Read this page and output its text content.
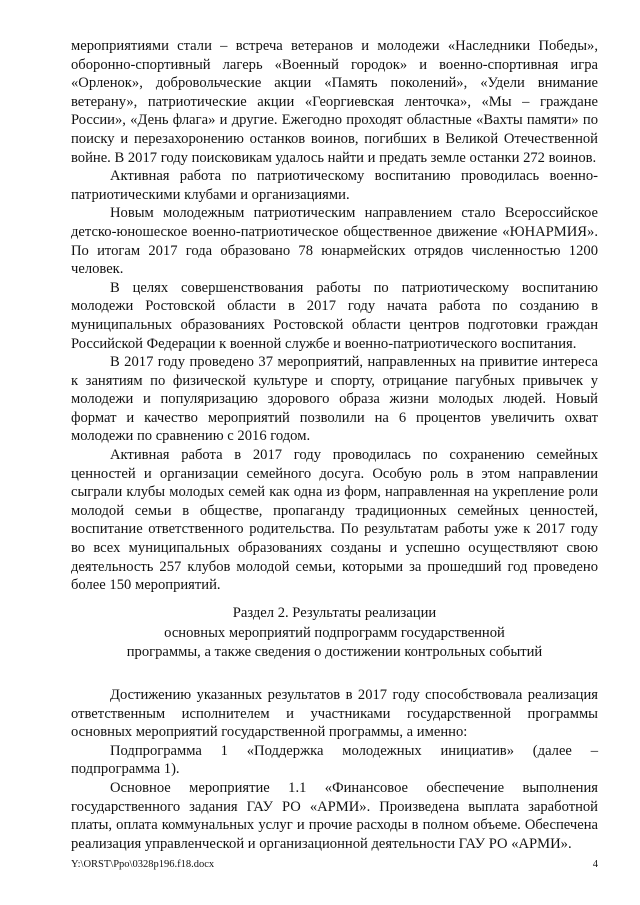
мероприятиями стали – встреча ветеранов и молодежи «Наследники Победы», оборонно-спортивный лагерь «Военный городок» и военно-спортивная игра «Орленок», добровольческие акции «Память поколений», «Удели внимание ветерану», патриотические акции «Георгиевская ленточка», «Мы – граждане России», «День флага» и другие. Ежегодно проходят областные «Вахты памяти» по поиску и перезахоронению останков воинов, погибших в Великой Отечественной войне. В 2017 году поисковикам удалось найти и предать земле останки 272 воинов.

Активная работа по патриотическому воспитанию проводилась военно-патриотическими клубами и организациями.

Новым молодежным патриотическим направлением стало Всероссийское детско-юношеское военно-патриотическое общественное движение «ЮНАРМИЯ». По итогам 2017 года образовано 78 юнармейских отрядов численностью 1200 человек.

В целях совершенствования работы по патриотическому воспитанию молодежи Ростовской области в 2017 году начата работа по созданию в муниципальных образованиях Ростовской области центров подготовки граждан Российской Федерации к военной службе и военно-патриотического воспитания.

В 2017 году проведено 37 мероприятий, направленных на привитие интереса к занятиям по физической культуре и спорту, отрицание пагубных привычек у молодежи и популяризацию здорового образа жизни молодых людей. Новый формат и качество мероприятий позволили на 6 процентов увеличить охват молодежи по сравнению с 2016 годом.

Активная работа в 2017 году проводилась по сохранению семейных ценностей и организации семейного досуга. Особую роль в этом направлении сыграли клубы молодых семей как одна из форм, направленная на укрепление роли молодой семьи в обществе, пропаганду традиционных семейных ценностей, воспитание ответственного родительства. По результатам работы уже к 2017 году во всех муниципальных образованиях созданы и успешно осуществляют свою деятельность 257 клубов молодой семьи, которыми за прошедший год проведено более 150 мероприятий.

Раздел 2. Результаты реализации
основных мероприятий подпрограмм государственной
программы, а также сведения о достижении контрольных событий

Достижению указанных результатов в 2017 году способствовала реализация ответственным исполнителем и участниками государственной программы основных мероприятий государственной программы, а именно:

Подпрограмма 1 «Поддержка молодежных инициатив» (далее – подпрограмма 1).

Основное мероприятие 1.1 «Финансовое обеспечение выполнения государственного задания ГАУ РО «АРМИ». Произведена выплата заработной платы, оплата коммунальных услуг и прочие расходы в полном объеме. Обеспечена реализация управленческой и организационной деятельности ГАУ РО «АРМИ».

Y:\ORST\Ppo\0328p196.f18.docx	4
